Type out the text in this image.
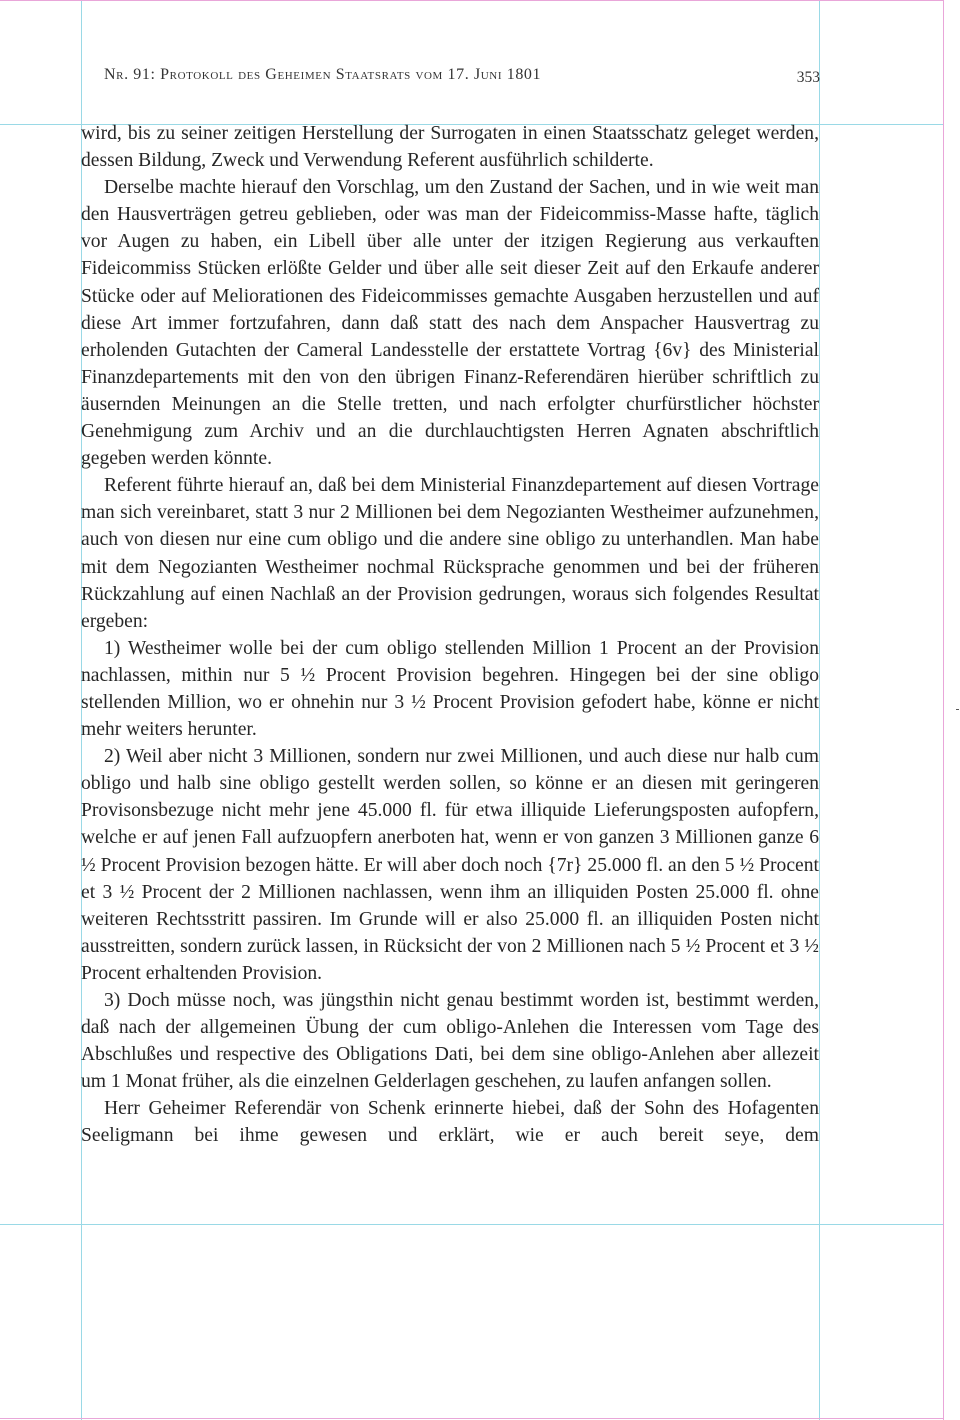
Nr. 91: Protokoll des Geheimen Staatsrats vom 17. Juni 1801	353

wird, bis zu seiner zeitigen Herstellung der Surrogaten in einen Staatsschatz geleget werden, dessen Bildung, Zweck und Verwendung Referent ausführlich schilderte.

Derselbe machte hierauf den Vorschlag, um den Zustand der Sachen, und in wie weit man den Hausverträgen getreu geblieben, oder was man der Fideicommiss-Masse hafte, täglich vor Augen zu haben, ein Libell über alle unter der itzigen Regierung aus verkauften Fideicommiss Stücken erlößte Gelder und über alle seit dieser Zeit auf den Erkaufe anderer Stücke oder auf Meliorationen des Fideicommisses gemachte Ausgaben herzustellen und auf diese Art immer fortzufahren, dann daß statt des nach dem Anspacher Hausvertrag zu erholenden Gutachten der Cameral Landesstelle der erstattete Vortrag {6v} des Ministerial Finanzdepartements mit den von den übrigen Finanz-Referendären hierüber schriftlich zu äusernden Meinungen an die Stelle tretten, und nach erfolgter churfürstlicher höchster Genehmigung zum Archiv und an die durchlauchtigsten Herren Agnaten abschriftlich gegeben werden könnte.

Referent führte hierauf an, daß bei dem Ministerial Finanzdepartement auf diesen Vortrage man sich vereinbaret, statt 3 nur 2 Millionen bei dem Negozianten Westheimer aufzunehmen, auch von diesen nur eine cum obligo und die andere sine obligo zu unterhandlen. Man habe mit dem Negozianten Westheimer nochmal Rücksprache genommen und bei der früheren Rückzahlung auf einen Nachlaß an der Provision gedrungen, woraus sich folgendes Resultat ergeben:

1) Westheimer wolle bei der cum obligo stellenden Million 1 Procent an der Provision nachlassen, mithin nur 5 ½ Procent Provision begehren. Hingegen bei der sine obligo stellenden Million, wo er ohnehin nur 3 ½ Procent Provision gefodert habe, könne er nicht mehr weiters herunter.

2) Weil aber nicht 3 Millionen, sondern nur zwei Millionen, und auch diese nur halb cum obligo und halb sine obligo gestellt werden sollen, so könne er an diesen mit geringeren Provisonsbezuge nicht mehr jene 45.000 fl. für etwa illiquide Lieferungsposten aufopfern, welche er auf jenen Fall aufzuopfern anerboten hat, wenn er von ganzen 3 Millionen ganze 6 ½ Procent Provision bezogen hätte. Er will aber doch noch {7r} 25.000 fl. an den 5 ½ Procent et 3 ½ Procent der 2 Millionen nachlassen, wenn ihm an illiquiden Posten 25.000 fl. ohne weiteren Rechtsstritt passiren. Im Grunde will er also 25.000 fl. an illiquiden Posten nicht ausstreitten, sondern zurück lassen, in Rücksicht der von 2 Millionen nach 5 ½ Procent et 3 ½ Procent erhaltenden Provision.

3) Doch müsse noch, was jüngsthin nicht genau bestimmt worden ist, bestimmt werden, daß nach der allgemeinen Übung der cum obligo-Anlehen die Interessen vom Tage des Abschlußes und respective des Obligations Dati, bei dem sine obligo-Anlehen aber allezeit um 1 Monat früher, als die einzelnen Gelderlagen geschehen, zu laufen anfangen sollen.

Herr Geheimer Referendär von Schenk erinnerte hiebei, daß der Sohn des Hofagenten Seeligmann bei ihme gewesen und erklärt, wie er auch bereit seye, dem
